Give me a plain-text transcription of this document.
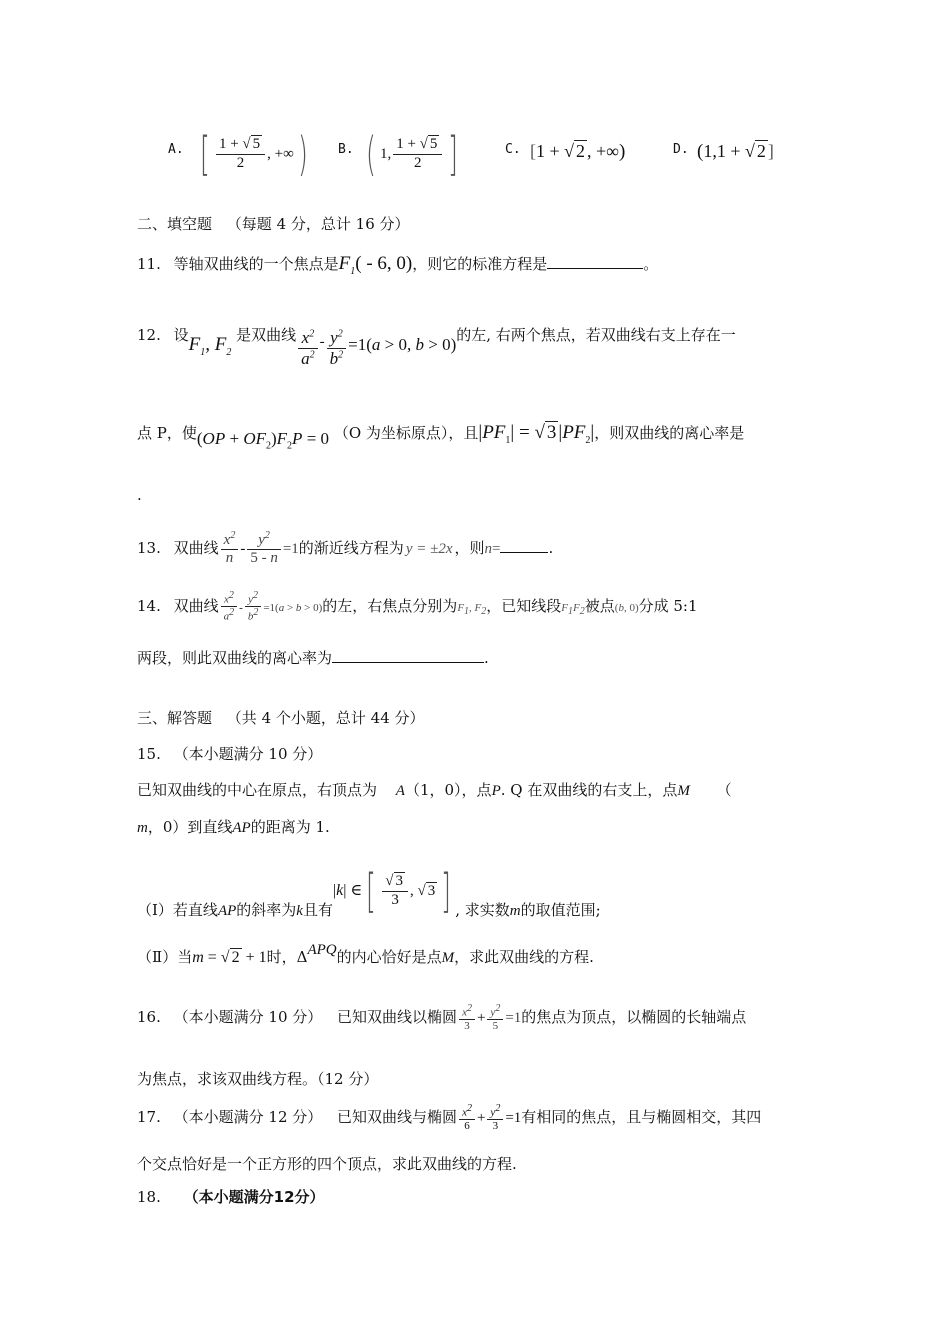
A. [ $\frac{1 + √ 5}{2}$ , +∞)	B. ( 1, $\frac{1 + √ 5}{2}$ ]	C. [1 + √ 2 , +∞)	D. (1,1 + √ 2 ]
二、填空题 （每题 4 分，总计 16 分）
11. 等轴双曲线的一个焦点是$F_1( - 6$, 0)，则它的标准方程是	。
12. 设$F_1$, $F_2$ 是双曲线 $\frac{x^2}{a^2} - \frac{y^2}{b^2} =1(a > 0$, b > 0)的左, 右两个焦点，若双曲线右支上存在一
点 P，使$(OP + OF_2)F_2P = 0$ （O 为坐标原点），且$|PF_1|$ = √ 3 $|PF_2|$，则双曲线的离心率是
.
13. 双曲线 $\frac{x^2}{n} - \frac{y^2}{5 - n} =1$的渐近线方程为 y = ±2x ，则n=	.
14. 双曲线 $\frac{x^2}{a^2} - \frac{y^2}{b^2} =1(a > b > 0)$的左，右焦点分别为$F_1$, $F_2$，已知线段$F_1F_2$被点(b, 0)分成 5:1
两段，则此双曲线的离心率为	.
三、解答题 （共 4 个小题，总计 44 分）
15. （本小题满分 10 分）
已知双曲线的中心在原点，右顶点为 A（1，0），点P. Q 在双曲线的右支上，点M （
m，0）到直线AP的距离为 1.
（Ⅰ）若直线AP的斜率为k且有|k| ∈[ $\frac{√ 3}{3}$ , √ 3 ] , 求实数m的取值范围;
（Ⅱ）当m = √ 2 + 1时，ΔAPQ的内心恰好是点M，求此双曲线的方程.
16. （本小题满分 10 分） 已知双曲线以椭圆 $\frac{x^2}{3} + \frac{y^2}{5} =1$的焦点为顶点，以椭圆的长轴端点
为焦点，求该双曲线方程。（12 分）
17. （本小题满分 12 分） 已知双曲线与椭圆 $\frac{x^2}{6} + \frac{y^2}{3} =1$有相同的焦点，且与椭圆相交，其四
个交点恰好是一个正方形的四个顶点，求此双曲线的方程.
18. （本小题满分12分）
